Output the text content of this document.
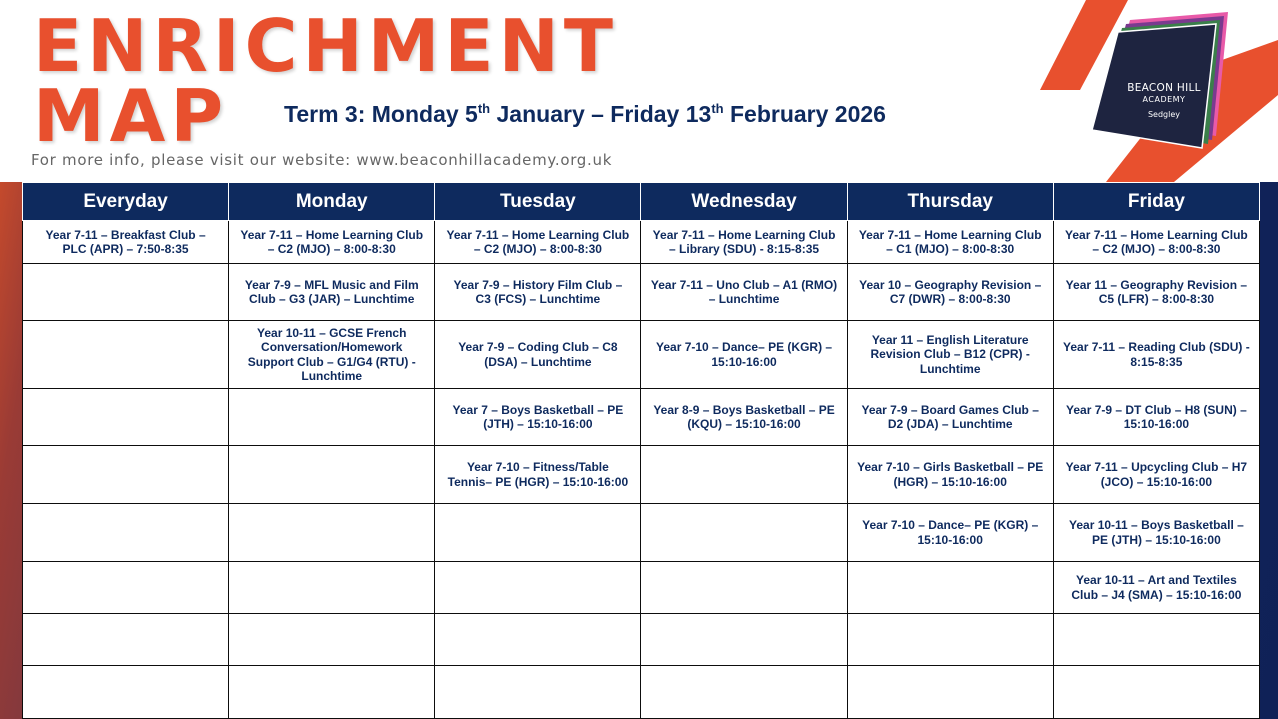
ENRICHMENT
MAP Term 3: Monday 5th January – Friday 13th February 2026
For more info, please visit our website: www.beaconhillacademy.org.uk
BEACON HILL
ACADEMY
Sedgley
Everyday	Monday	Tuesday	Wednesday	Thursday	Friday
Year 7-11 – Breakfast Club – PLC (APR) – 7:50-8:35	Year 7-11 – Home Learning Club – C2 (MJO) – 8:00-8:30	Year 7-11 – Home Learning Club – C2 (MJO) – 8:00-8:30	Year 7-11 – Home Learning Club – Library (SDU) - 8:15-8:35	Year 7-11 – Home Learning Club – C1 (MJO) – 8:00-8:30	Year 7-11 – Home Learning Club – C2 (MJO) – 8:00-8:30
	Year 7-9 – MFL Music and Film Club – G3 (JAR) – Lunchtime	Year 7-9 – History Film Club – C3 (FCS) – Lunchtime	Year 7-11 – Uno Club – A1 (RMO) – Lunchtime	Year 10 – Geography Revision – C7 (DWR) – 8:00-8:30	Year 11 – Geography Revision – C5 (LFR) – 8:00-8:30
	Year 10-11 – GCSE French Conversation/Homework Support Club – G1/G4 (RTU) - Lunchtime	Year 7-9 – Coding Club – C8 (DSA) – Lunchtime	Year 7-10 – Dance– PE (KGR) – 15:10-16:00	Year 11 – English Literature Revision Club – B12 (CPR) - Lunchtime	Year 7-11 – Reading Club (SDU) - 8:15-8:35
		Year 7 – Boys Basketball – PE (JTH) – 15:10-16:00	Year 8-9 – Boys Basketball – PE (KQU) – 15:10-16:00	Year 7-9 – Board Games Club – D2 (JDA) – Lunchtime	Year 7-9 – DT Club – H8 (SUN) – 15:10-16:00
		Year 7-10 – Fitness/Table Tennis– PE (HGR) – 15:10-16:00		Year 7-10 – Girls Basketball – PE (HGR) – 15:10-16:00	Year 7-11 – Upcycling Club – H7 (JCO) – 15:10-16:00
				Year 7-10 – Dance– PE (KGR) – 15:10-16:00	Year 10-11 – Boys Basketball – PE (JTH) – 15:10-16:00
					Year 10-11 – Art and Textiles Club – J4 (SMA) – 15:10-16:00
